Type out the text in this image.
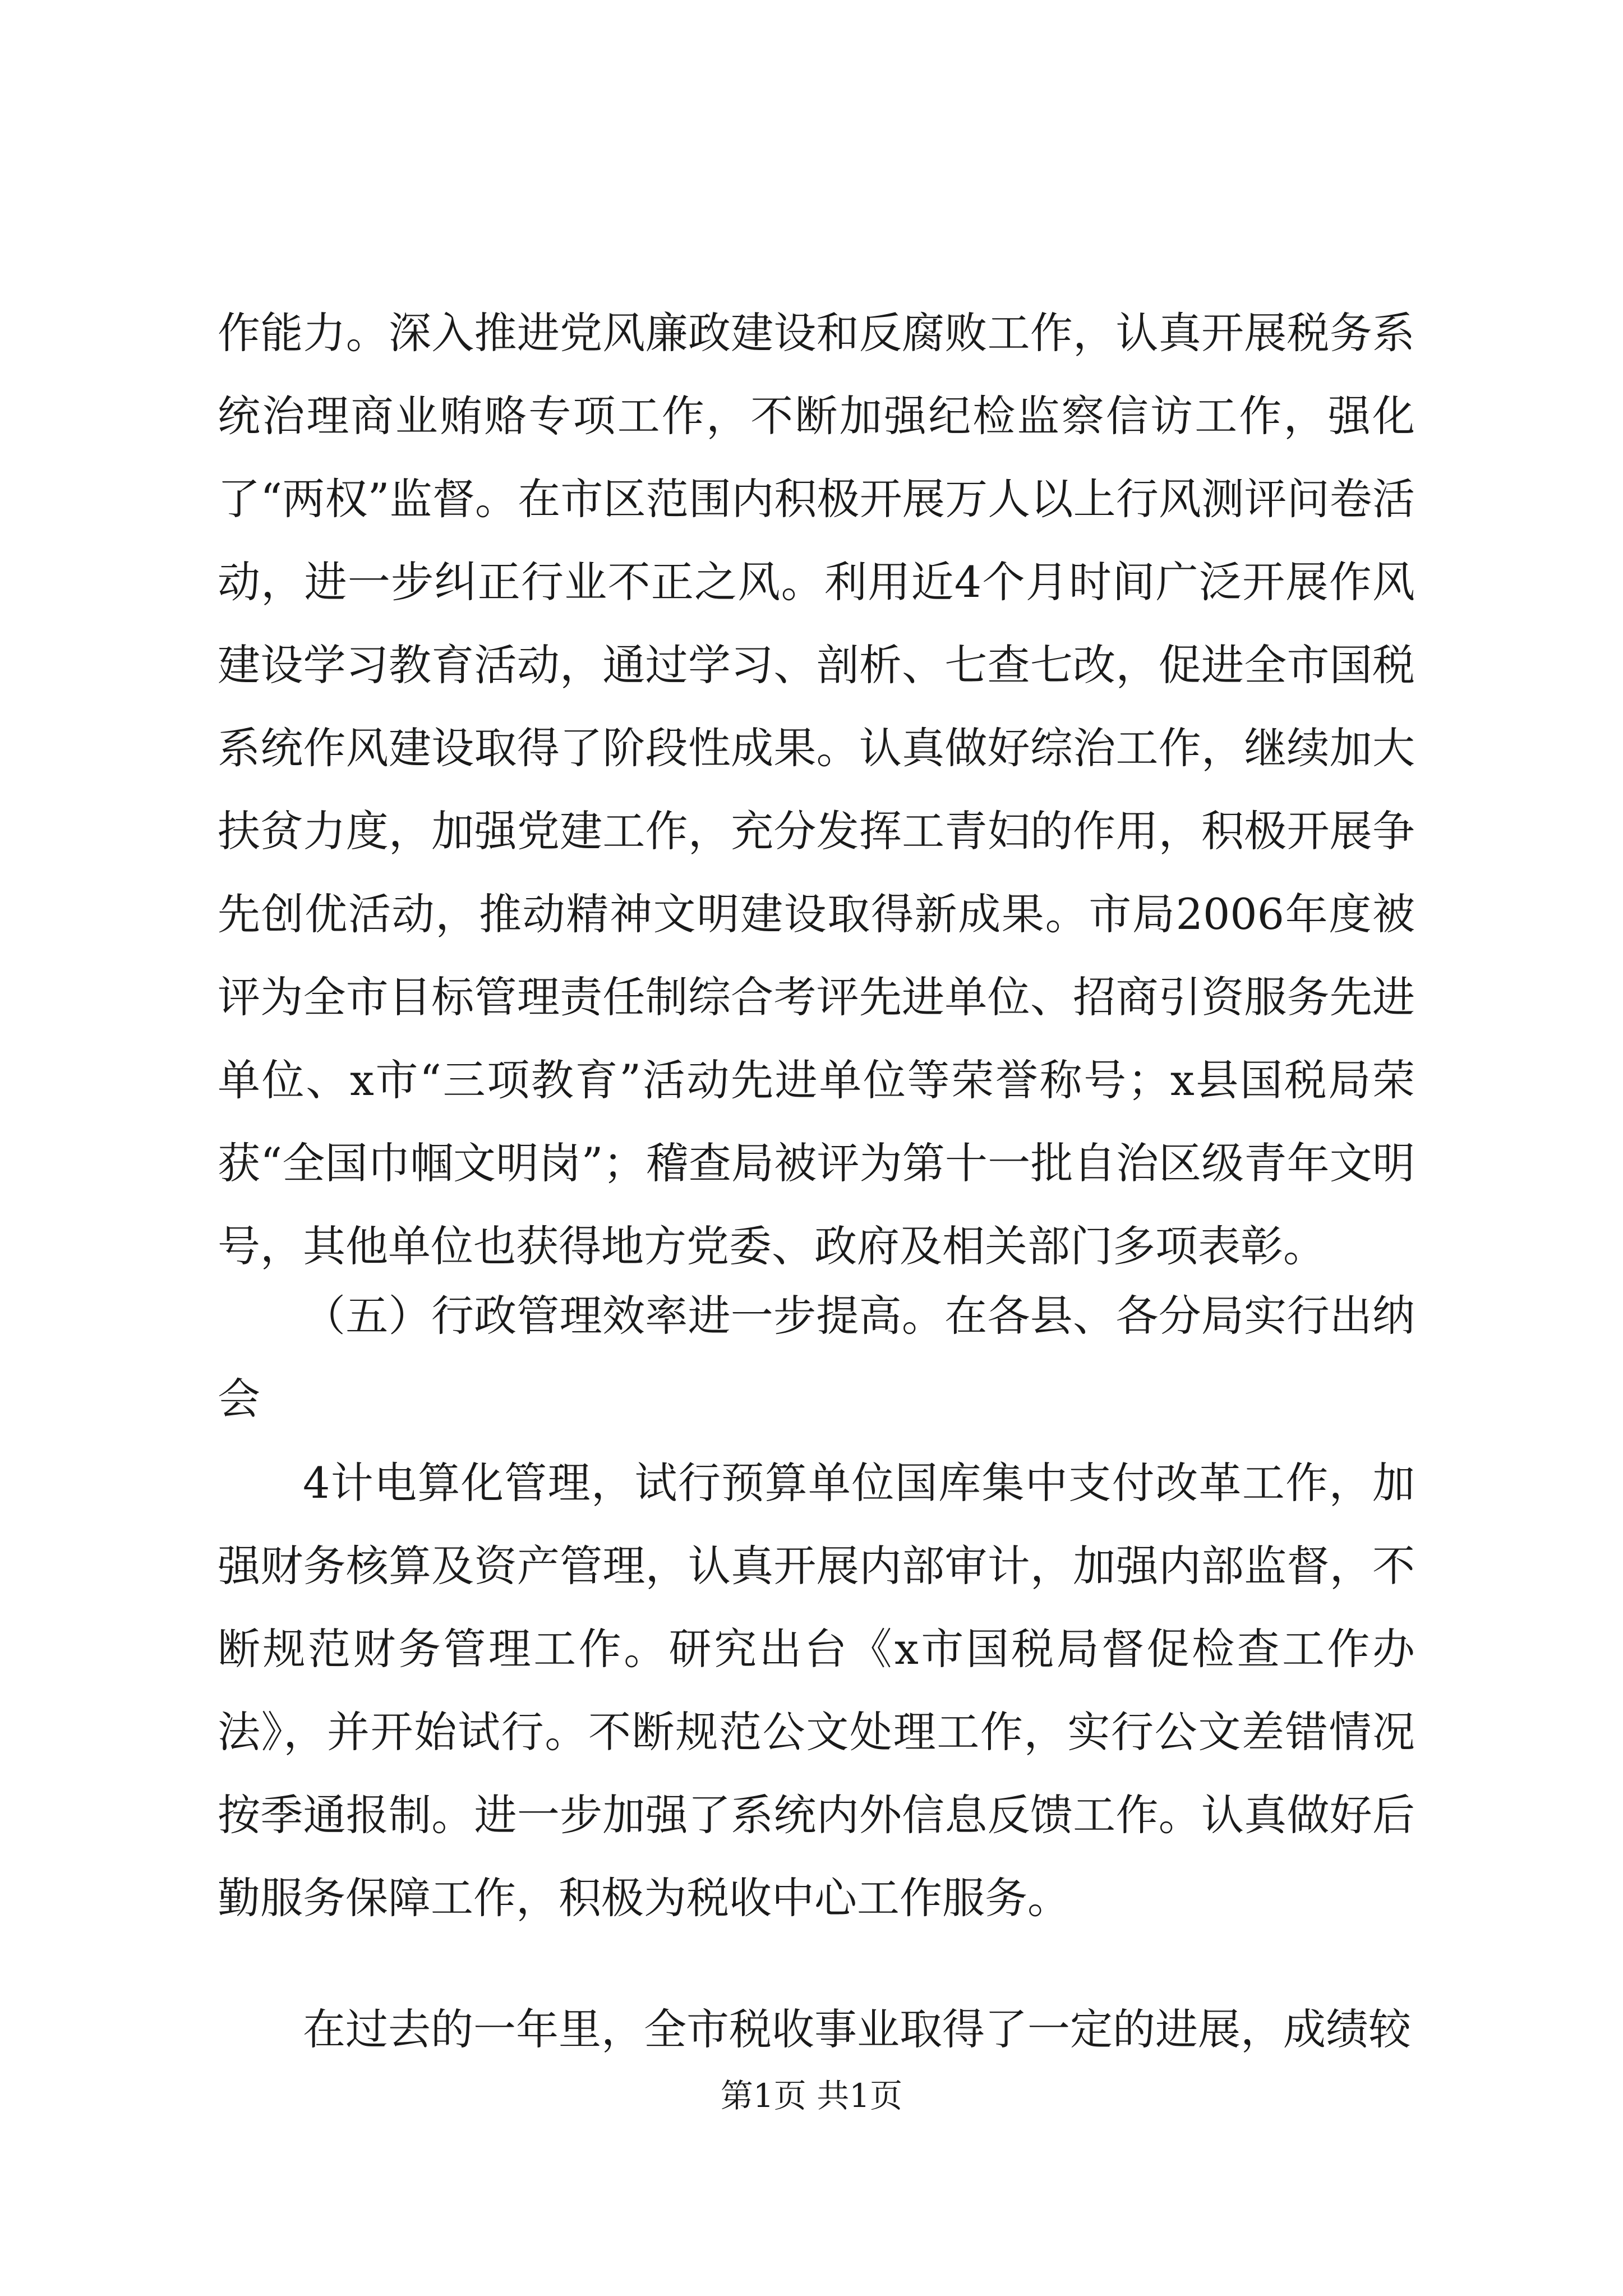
作能力。深入推进党风廉政建设和反腐败工作，认真开展税务系统治理商业贿赂专项工作，不断加强纪检监察信访工作，强化了“两权”监督。在市区范围内积极开展万人以上行风测评问卷活动，进一步纠正行业不正之风。利用近4个月时间广泛开展作风建设学习教育活动，通过学习、剖析、七查七改，促进全市国税系统作风建设取得了阶段性成果。认真做好综治工作，继续加大扶贫力度，加强党建工作，充分发挥工青妇的作用，积极开展争先创优活动，推动精神文明建设取得新成果。市局2006年度被评为全市目标管理责任制综合考评先进单位、招商引资服务先进单位、x市“三项教育”活动先进单位等荣誉称号；x县国税局荣获“全国巾帼文明岗”；稽查局被评为第十一批自治区级青年文明号，其他单位也获得地方党委、政府及相关部门多项表彰。

（五）行政管理效率进一步提高。在各县、各分局实行出纳会

4计电算化管理，试行预算单位国库集中支付改革工作，加强财务核算及资产管理，认真开展内部审计，加强内部监督，不断规范财务管理工作。研究出台《x市国税局督促检查工作办法》，并开始试行。不断规范公文处理工作，实行公文差错情况按季通报制。进一步加强了系统内外信息反馈工作。认真做好后勤服务保障工作，积极为税收中心工作服务。

在过去的一年里，全市税收事业取得了一定的进展，成绩较

第1页 共1页
